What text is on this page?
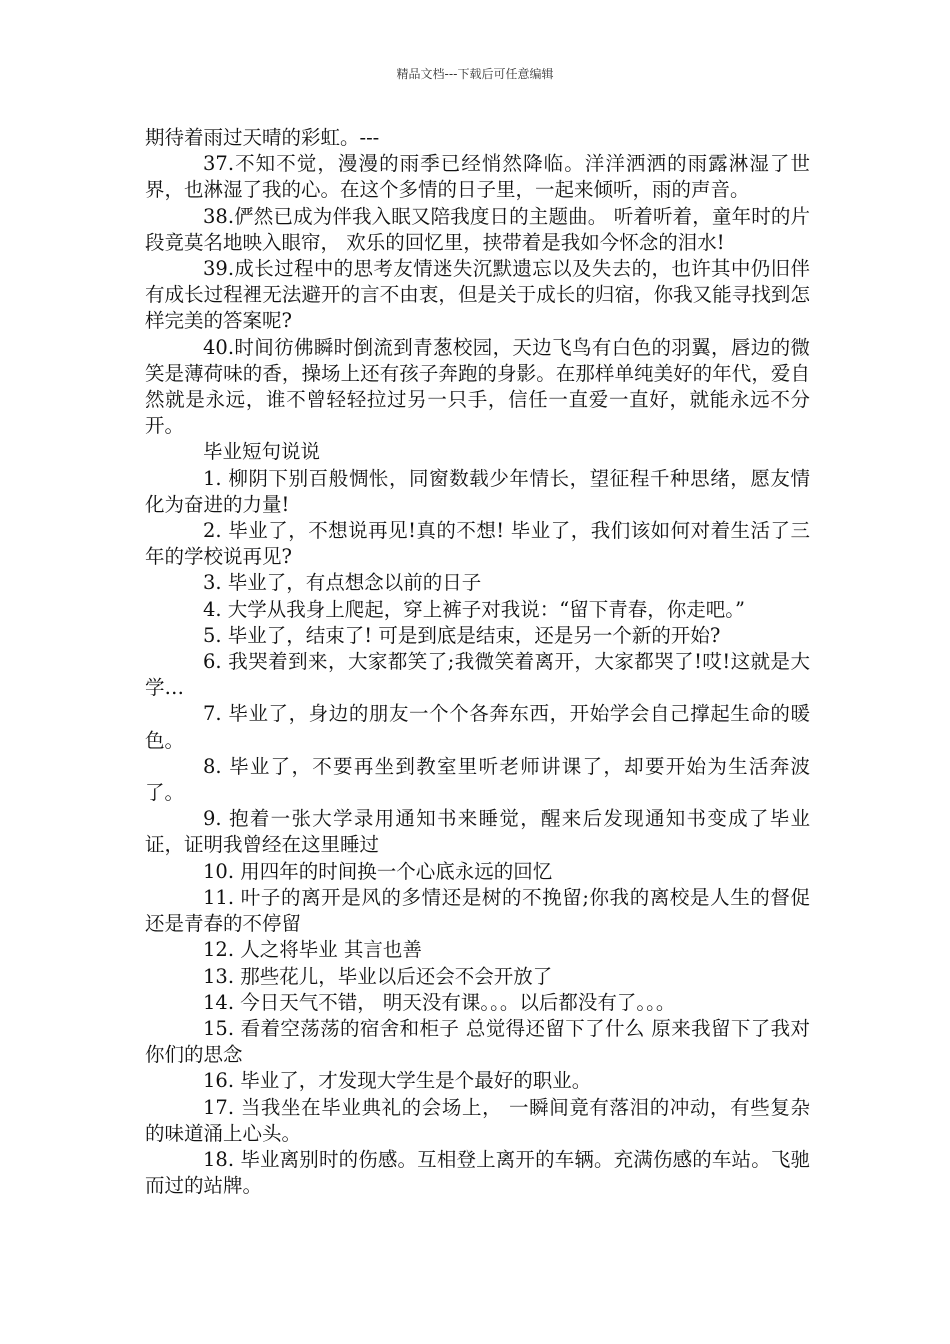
精品文档---下载后可任意编辑

期待着雨过天晴的彩虹。---

37.不知不觉，漫漫的雨季已经悄然降临。洋洋洒洒的雨露淋湿了世界，也淋湿了我的心。在这个多情的日子里，一起来倾听，雨的声音。

38.俨然已成为伴我入眠又陪我度日的主题曲。 听着听着，童年时的片段竟莫名地映入眼帘， 欢乐的回忆里，挟带着是我如今怀念的泪水!

39.成长过程中的思考友情迷失沉默遗忘以及失去的，也许其中仍旧伴有成长过程裡无法避开的言不由衷，但是关于成长的归宿，你我又能寻找到怎样完美的答案呢?

40.时间彷佛瞬时倒流到青葱校园，天边飞鸟有白色的羽翼，唇边的微笑是薄荷味的香，操场上还有孩子奔跑的身影。在那样单纯美好的年代，爱自然就是永远，谁不曾轻轻拉过另一只手，信任一直爱一直好，就能永远不分开。

毕业短句说说

1. 柳阴下别百般惆怅，同窗数载少年情长，望征程千种思绪，愿友情化为奋进的力量!

2. 毕业了，不想说再见!真的不想! 毕业了，我们该如何对着生活了三年的学校说再见?

3. 毕业了，有点想念以前的日子

4. 大学从我身上爬起，穿上裤子对我说：“留下青春，你走吧。”

5. 毕业了，结束了! 可是到底是结束，还是另一个新的开始?

6. 我哭着到来，大家都笑了;我微笑着离开，大家都哭了!哎!这就是大学…

7. 毕业了，身边的朋友一个个各奔东西，开始学会自己撑起生命的暖色。

8. 毕业了，不要再坐到教室里听老师讲课了，却要开始为生活奔波了。

9. 抱着一张大学录用通知书来睡觉，醒来后发现通知书变成了毕业证，证明我曾经在这里睡过

10. 用四年的时间换一个心底永远的回忆

11. 叶子的离开是风的多情还是树的不挽留;你我的离校是人生的督促还是青春的不停留

12. 人之将毕业 其言也善

13. 那些花儿，毕业以后还会不会开放了

14. 今日天气不错， 明天没有课。。。以后都没有了。。。

15. 看着空荡荡的宿舍和柜子 总觉得还留下了什么 原来我留下了我对你们的思念

16. 毕业了，才发现大学生是个最好的职业。

17. 当我坐在毕业典礼的会场上， 一瞬间竟有落泪的冲动，有些复杂的味道涌上心头。

18. 毕业离别时的伤感。互相登上离开的车辆。充满伤感的车站。飞驰而过的站牌。
